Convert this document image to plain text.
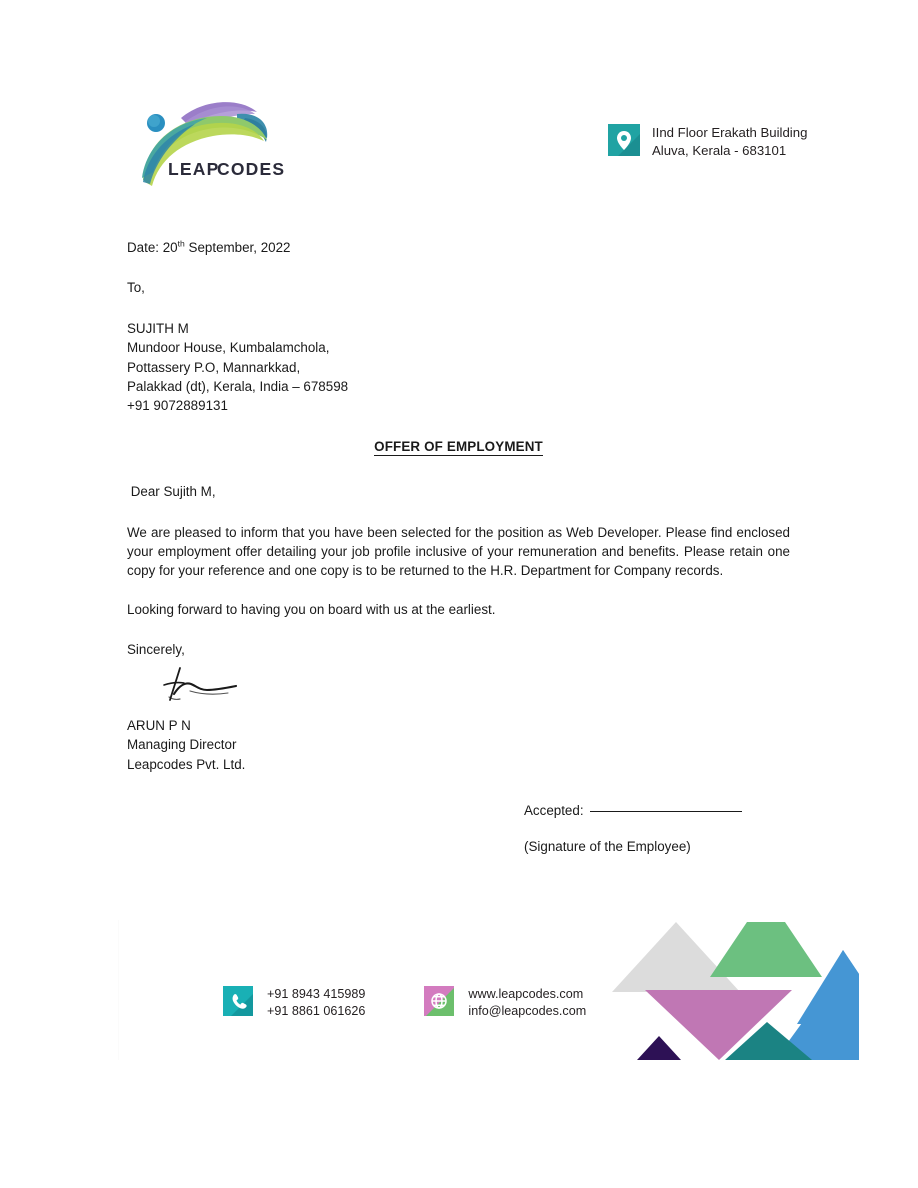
LEAP
CODES
IInd Floor Erakath Building
Aluva, Kerala - 683101
Date: 20th September, 2022
To,
SUJITH M
Mundoor House, Kumbalamchola,
Pottassery P.O, Mannarkkad,
Palakkad (dt), Kerala, India – 678598
+91 9072889131
OFFER OF EMPLOYMENT
Dear Sujith M,

We are pleased to inform that you have been selected for the position as Web Developer. Please find enclosed your employment offer detailing your job profile inclusive of your remuneration and benefits. Please retain one copy for your reference and one copy is to be returned to the H.R. Department for Company records.

Looking forward to having you on board with us at the earliest.
Sincerely,
ARUN P N
Managing Director
Leapcodes Pvt. Ltd.
Accepted:
(Signature of the Employee)
+91 8943 415989
+91 8861 061626
www.leapcodes.com
info@leapcodes.com
